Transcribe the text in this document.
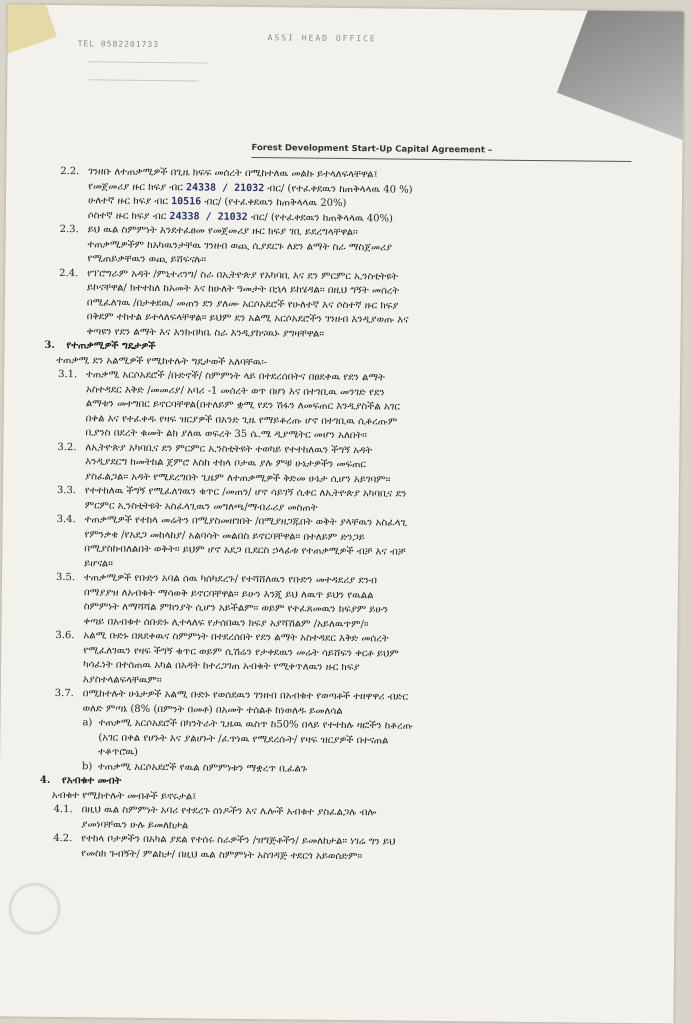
TEL 0582201733
ASSI HEAD OFFICE
Forest Development Start-Up Capital Agreement –
2.2. ገንዘቡ ለተጠቃሚዎች በጊዜ ክፍፍ መሰረት በሚከተለዉ መልኩ ይተላለፍላቸዋል፤
የመጀመሪያ ዙር ክፍያ ብር 24338 / 21032 ብር/ (የተፈቀደዉን ከጠቅላላዉ 40 %)
ሁለተኛ ዙር ክፍያ ብር 10516 ብር/ (የተፈቀደዉን ከጠቅላላዉ 20%)
ሶስተኛ ዙር ክፍያ ብር 24338 / 21032 ብር/ (የተፈቀደዉን ከጠቅላላዉ 40%)
2.3. ይህ ዉል ስምምነት እንደተፈፀመ የመጀመሪያ ዙር ክፍያ ገቢ ይደረግላቸዋል፡፡
ተጠቃሚዎችም ከአካዉንታቸዉ ገንዘብ ወጪ ሲያደርጉ ለደን ልማት ስራ ማስጀመሪያ
የሚጠይቃቸዉን ወጪ ይሸፍናሉ፡፡
2.4. የፕሮግራም አዳት /ምኒተሪንግ/ ስራ በኢትዮጵያ የአካባቢ እና ደን ምርምር ኢንስቲትዩት
ይኮናቸዋል/ ክተተከለ ከአመት እና ከሁለት ዓመታት በኋላ ይከሄዳል፡፡ በዚህ ግኝት መሰረት
በሚፈለገዉ /በታቀደዉ/ መጠን ደን ያለሙ አርሶአደሮች የሁለተኛ እና ሶስተኛ ዙር ክፍያ
በቅደም ተከተል ይተላለፍላቸዋል፡፡ ይህም ደን አልሚ አርሶአደሮችን ገንዘብ እንዲያወጡ እና
ቀጣዩን የደን ልማት እና እንክብካቤ ስራ እንዲያከናዉኑ ያግዛቸዋል፡፡
3.	የተጠቃሚዎች ግዴታዎች
ተጠቃሚ ደን አልሚዎች የሚከተሉት ግዴታወች አለባቸዉ፡-
3.1. ተጠቃሚ አርሶአደሮች /ቡድኖች/ ስምምነት ላይ በተደረሰበትና በፀደቀዉ የደን ልማት
አስተዳደር እቅድ /መመሪያ/ አባሪ -1 መሰረት ወጥ በሆነ እና በተገቢዉ መንገድ የደን
ልማቱን መተግበር ይኖርባቸዋል(በተለይም ቋሚ የደን ሽፋን ለመፍጠር እንዲያስችል አገር
በቀል እና የተፈቀዱ የዛፍ ዝርያዎች በአንድ ጊዜ የማይቆረጡ ሆኖ በተገቢዉ ሲቆረጡም
ቢያንስ በደረት ቁመት ልክ ያለዉ ወፍረት 35 ሴ.ሜ ዲያሜትር መሆን አለበት፡፡
3.2. ለኢትዮጵያ አካባቢና ደን ምርምር ኢንስቲትዩት ተወካይ የተተከለዉን ችግኝ አዳት
እንዲያደርግ ከመትከል ጀምሮ እስከ ተከላ ቦታዉ ያሉ ምቹ ሁኔታዎችን መፍጠር
ያስፈልጋል፡፡ አዳት የሚደረግበት ጊዜም ለተጠቃሚዎች ቅድመ ሁኔታ ሲሆን አይገባም፡፡
3.3. የተተከለዉ ችግኝ የሚፈለገዉን ቁጥር /መጠን/ ሆኖ ሳይገኝ ሲቀር ለኢትዮጵያ አካባቢና ደን
ምርምር ኢንስቲትዩት አስፈላጊዉን መግለጫ/ማብራሪያ መስጠት
3.4. ተጠቃሚዎች የተከላ መሬትን በሚያስመዘገበት /በሚያዘጋጁበት ወቅት ያላቸዉን አስፈላጊ
የምንቃቄ /የአደጋ መከላከያ/ አልባሳት መልበስ ይኖርባቸዋል፡፡ በተለይም ድንጋይ
በሚያስከብለልበት ወቅት፡፡ ይህም ሆኖ አደጋ ቢደርስ ኃላፊቱ የተጠቃሚዎች ብቻ እና ብቻ
ይሆናል፡፡
3.5. ተጠቃሚዎች የቡድን አባል ሰዉ ካሰካደረጉ/ የተሻሸለዉን የቡድን መተዳደሪያ ደንብ
በማያያዝ ለአብቁት ማሳወቅ ይኖርባቸዋል፡፡ ይሁን እንጂ ይህ ለዉጥ ይህን የዉልል
ስምምነት ለማሻሻል ምክንያት ሲሆን አይችልም፡፡ ወይም የተፈጸመዉን ክፍያም ይሁን
ቀጣይ በአብቁተ ሰቡድኑ ሊተላለፍ የታሰበዉን ክፍያ አያሻሽልም /አይለዉጥም/፡፡
3.6. አልሚ ቡድኑ በጸደቀዉና ስምምነት በተደረሰበት የደን ልማት አስተዳደር እቅድ መሰረት
የሚፈለገዉን የዛፍ ችግኝ ቁጥር ወይም ሲሽሬን የታቀደዉን መሬት ሳይሸፍን ቀርቶ ይህም
ካሳፈነት በተሰጠዉ አካል በአዳት ከተረጋገጠ አብቁት የሚቀጥለዉን ዙር ክፍያ
አያስተላልፍላቸዉም፡፡
3.7. በሚከተሉት ሁኔታዎች አልሚ ቡድኑ የወሰደዉን ገንዘብ በአብቁተ የወጣቶች ተዘዋዋሪ ብድር
ወለድ ምጣኔ (8% (በምንት በመቶ) በአመት ተሰልቶ ከነወለዱ ይመለሳል
a) ተጠቃሚ አርሶአደሮች በካንትራት ጊዜዉ ዉስጥ ከ50% በላይ የተተከሉ ዛፎችን ከቆረጡ
(አገር በቀል የሆኑት እና ያልሆኑት /ፈጥነዉ የሚደረሱት/ የዛፍ ዝርያዎች በተናጠል
ተቆጥሮዉ)
b) ተጠቃሚ አርሶአደሮች የዉል ስምምነቱን ማቋረጥ ቢፈልጉ
4.	የአብቁተ መብት
አብቁተ የሚከተሉት መብቶች ይኖሩታል፤
4.1. በዚህ ዉል ስምምነት አባሪ የተደረጉ ሰነዶችን እና ሌሎች አብቁተ ያስፈልጋሉ ብሎ
ያመነባቸዉን ሁሉ ይመለከታል
4.2. የተከላ ቦታዎችን በአካል ያደል የተሰሩ ስራዎችን /ዝግጅቶችን/ ይመለከታል፡፡ ነገሬ ግን ይህ
የመስክ ጉብኝት/ ምልከታ/ በዚህ ዉል ስምምነት አስገዳጅ ተደርጎ አይወሰድም፡፡
